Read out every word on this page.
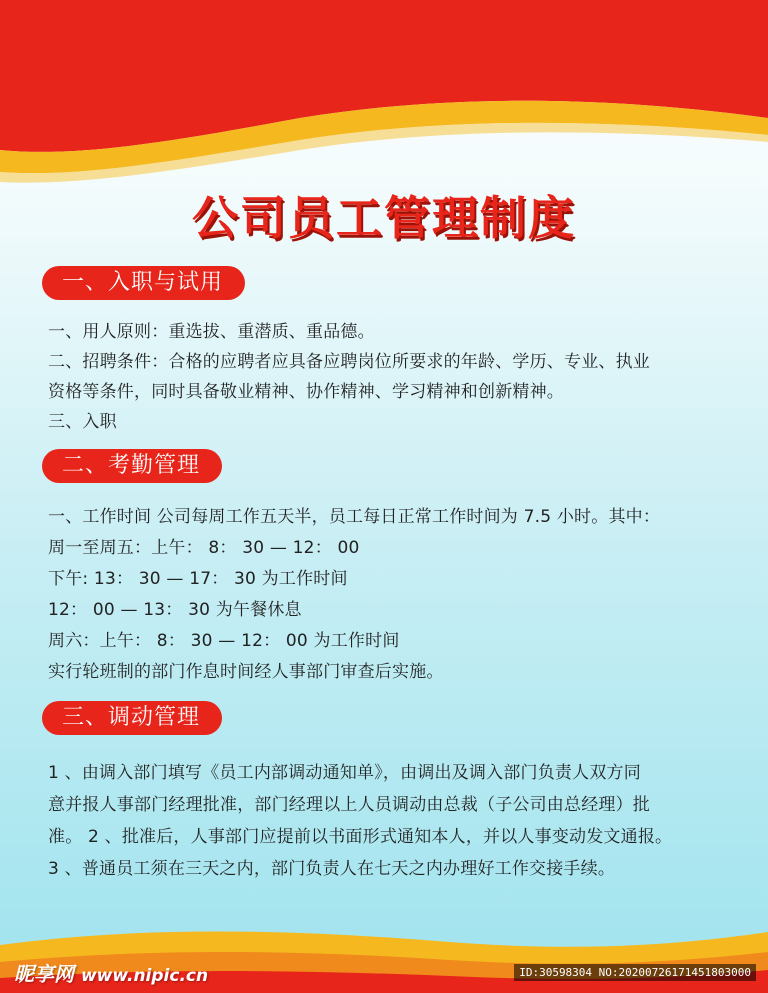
公司员工管理制度
一、入职与试用
一、用人原则：重选拔、重潜质、重品德。
二、招聘条件：合格的应聘者应具备应聘岗位所要求的年龄、学历、专业、执业
资格等条件，同时具备敬业精神、协作精神、学习精神和创新精神。
三、入职
二、考勤管理
一、工作时间 公司每周工作五天半，员工每日正常工作时间为 7.5 小时。其中：
周一至周五：上午： 8： 30 — 12： 00
下午: 13： 30 — 17： 30 为工作时间
12： 00 — 13： 30 为午餐休息
周六：上午： 8： 30 — 12： 00 为工作时间
实行轮班制的部门作息时间经人事部门审查后实施。
三、调动管理
1 、由调入部门填写《员工内部调动通知单》，由调出及调入部门负责人双方同
意并报人事部门经理批准，部门经理以上人员调动由总裁（子公司由总经理）批
准。 2 、批准后，人事部门应提前以书面形式通知本人，并以人事变动发文通报。
3 、普通员工须在三天之内，部门负责人在七天之内办理好工作交接手续。
昵享网 www.nipic.cn	ID:30598304 NO:20200726171451803000
